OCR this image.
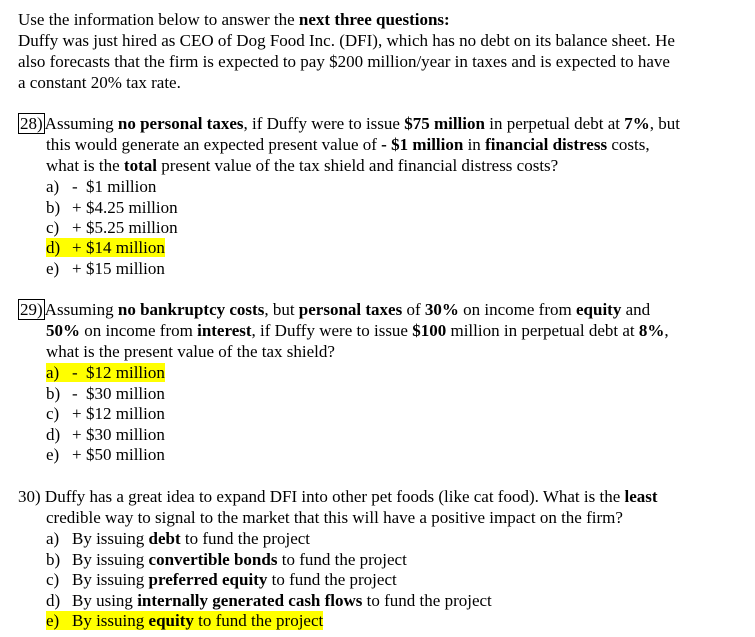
Use the information below to answer the next three questions:
Duffy was just hired as CEO of Dog Food Inc. (DFI), which has no debt on its balance sheet. He
also forecasts that the firm is expected to pay $200 million/year in taxes and is expected to have
a constant 20% tax rate.
28) Assuming no personal taxes, if Duffy were to issue $75 million in perpetual debt at 7%, but
this would generate an expected present value of - $1 million in financial distress costs,
what is the total present value of the tax shield and financial distress costs?
a) - $1 million
b) + $4.25 million
c) + $5.25 million
d) + $14 million
e) + $15 million
29) Assuming no bankruptcy costs, but personal taxes of 30% on income from equity and
50% on income from interest, if Duffy were to issue $100 million in perpetual debt at 8%,
what is the present value of the tax shield?
a) - $12 million
b) - $30 million
c) + $12 million
d) + $30 million
e) + $50 million
30) Duffy has a great idea to expand DFI into other pet foods (like cat food). What is the least
credible way to signal to the market that this will have a positive impact on the firm?
a) By issuing debt to fund the project
b) By issuing convertible bonds to fund the project
c) By issuing preferred equity to fund the project
d) By using internally generated cash flows to fund the project
e) By issuing equity to fund the project
